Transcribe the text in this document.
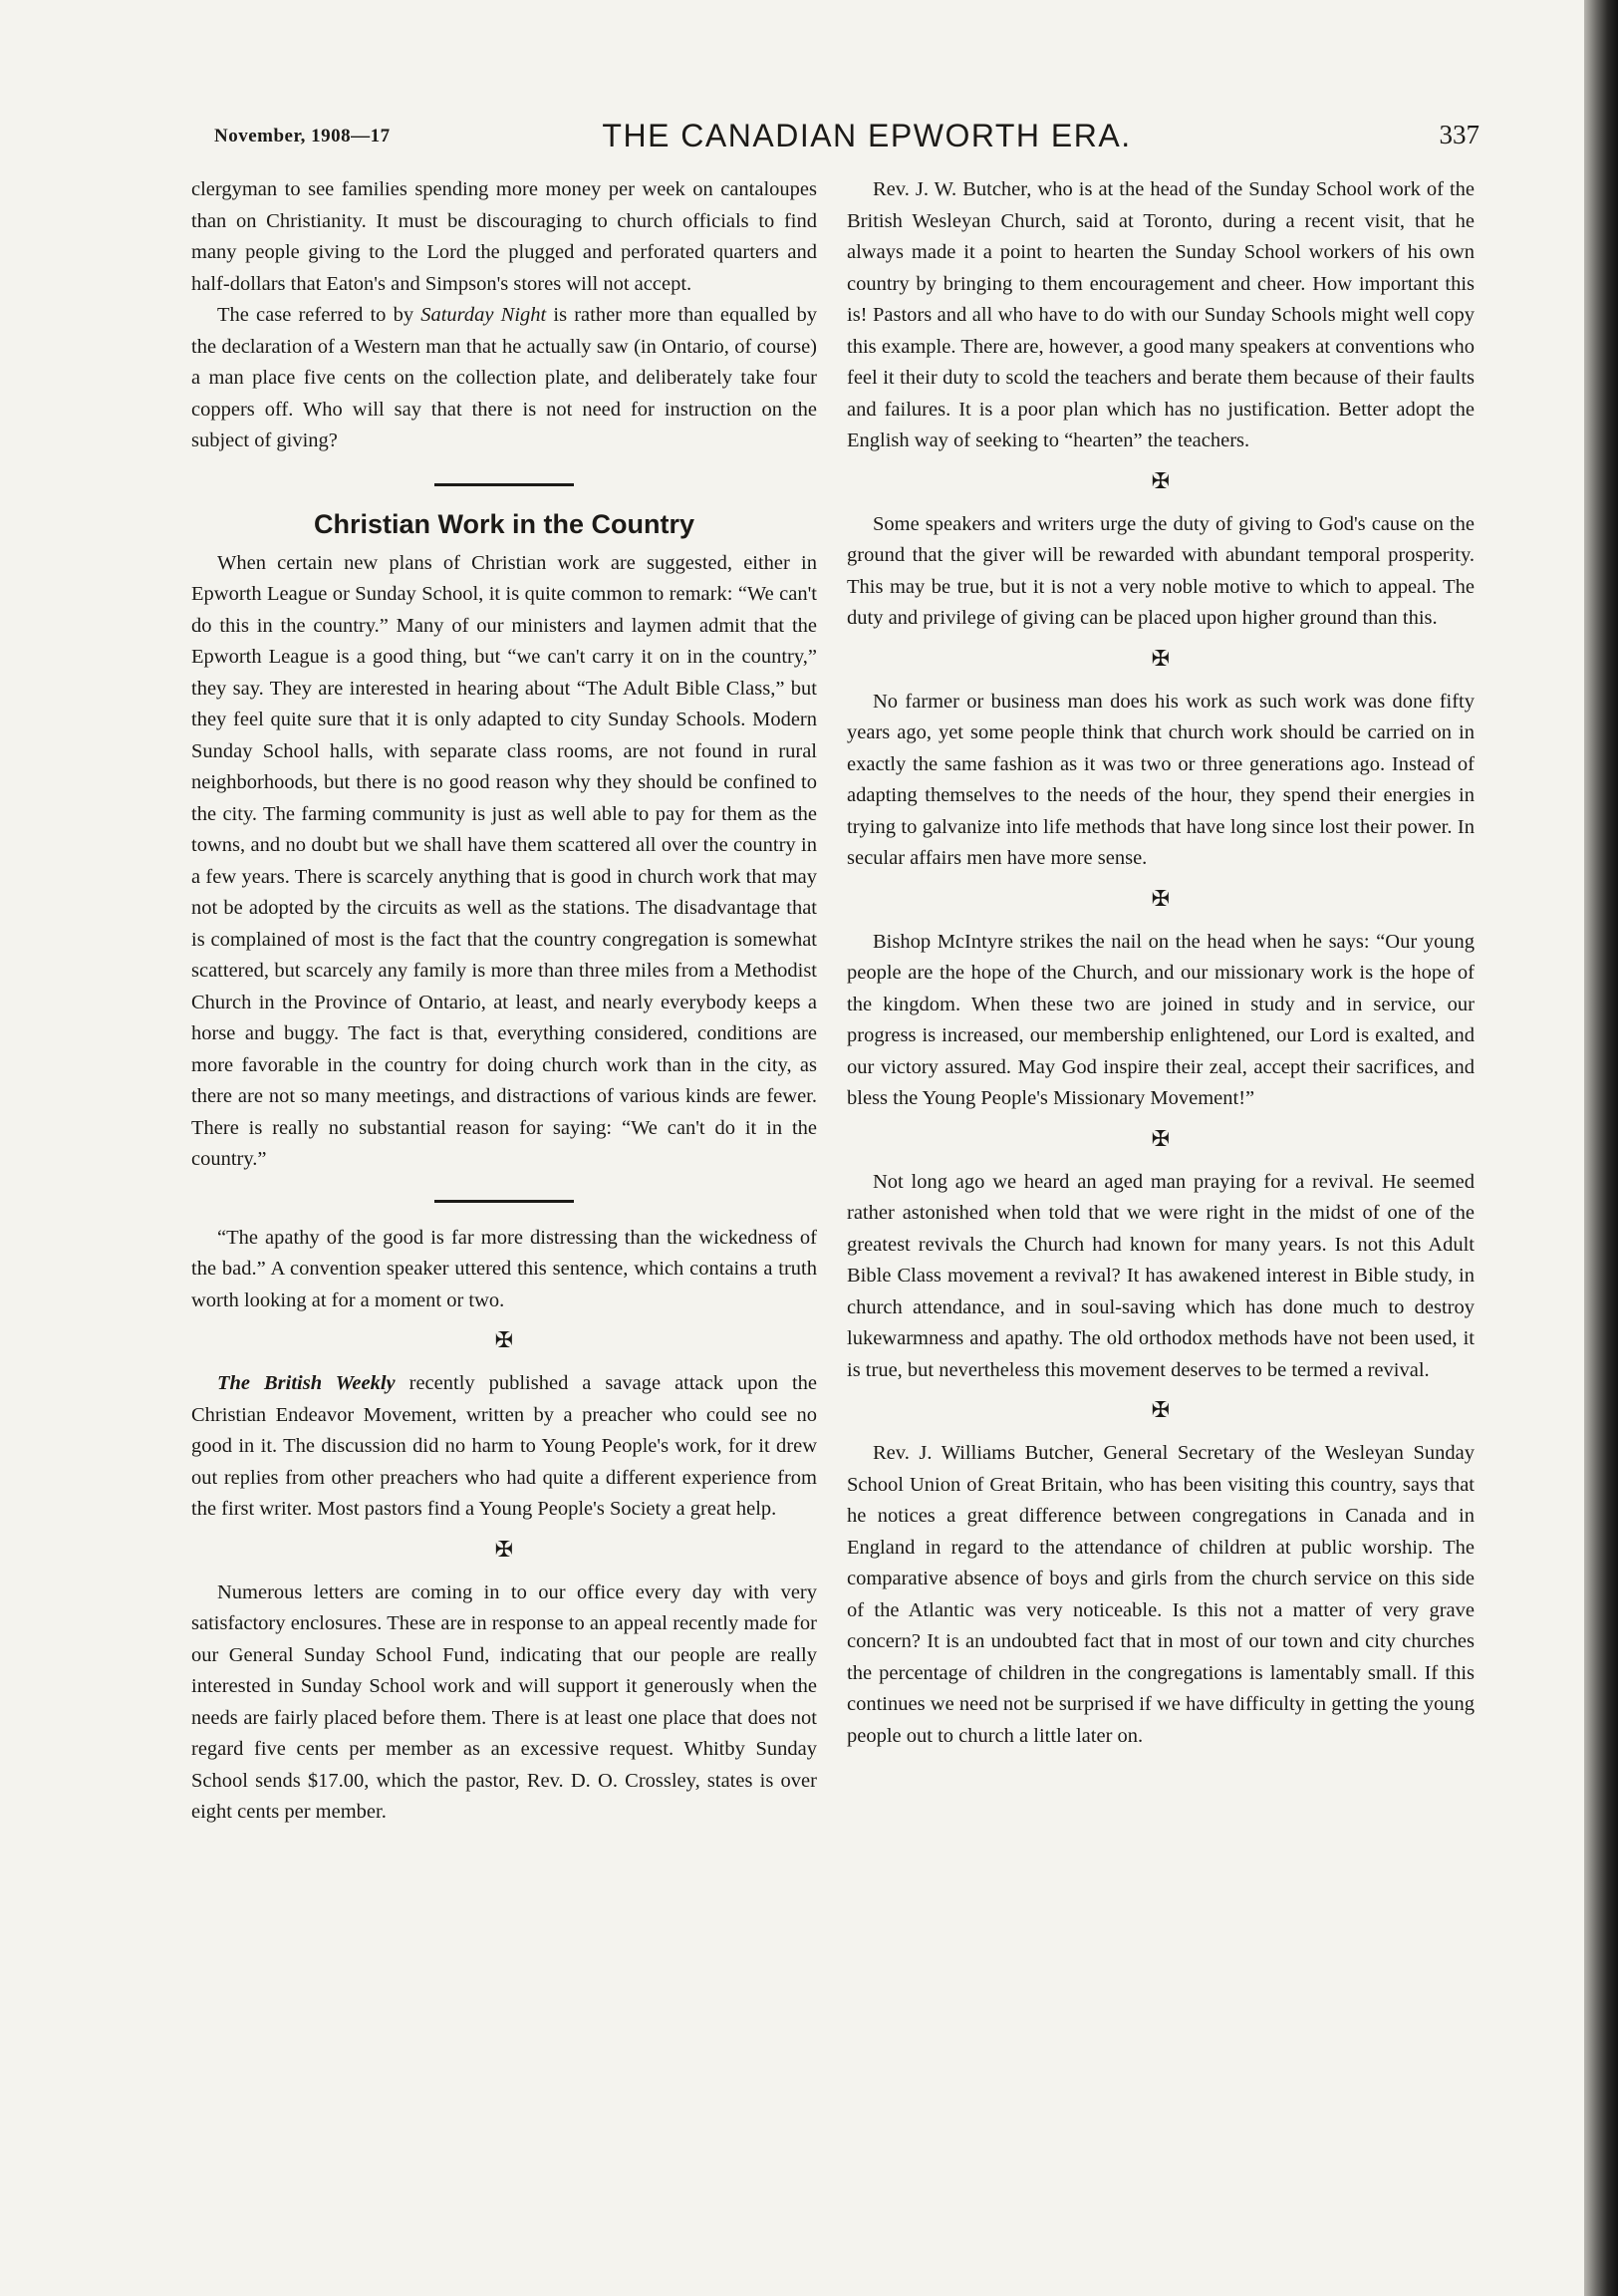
November, 1908—17	THE CANADIAN EPWORTH ERA.	337

clergyman to see families spending more money per week on cantaloupes than on Christianity. It must be discouraging to church officials to find many people giving to the Lord the plugged and perforated quarters and half-dollars that Eaton's and Simpson's stores will not accept.

The case referred to by Saturday Night is rather more than equalled by the declaration of a Western man that he actually saw (in Ontario, of course) a man place five cents on the collection plate, and deliberately take four coppers off. Who will say that there is not need for instruction on the subject of giving?

Christian Work in the Country

When certain new plans of Christian work are suggested, either in Epworth League or Sunday School, it is quite common to remark: “We can't do this in the country.” Many of our ministers and laymen admit that the Epworth League is a good thing, but “we can't carry it on in the country,” they say. They are interested in hearing about “The Adult Bible Class,” but they feel quite sure that it is only adapted to city Sunday Schools. Modern Sunday School halls, with separate class rooms, are not found in rural neighborhoods, but there is no good reason why they should be confined to the city. The farming community is just as well able to pay for them as the towns, and no doubt but we shall have them scattered all over the country in a few years. There is scarcely anything that is good in church work that may not be adopted by the circuits as well as the stations. The disadvantage that is complained of most is the fact that the country congregation is somewhat scattered, but scarcely any family is more than three miles from a Methodist Church in the Province of Ontario, at least, and nearly everybody keeps a horse and buggy. The fact is that, everything considered, conditions are more favorable in the country for doing church work than in the city, as there are not so many meetings, and distractions of various kinds are fewer. There is really no substantial reason for saying: “We can't do it in the country.”

“The apathy of the good is far more distressing than the wickedness of the bad.” A convention speaker uttered this sentence, which contains a truth worth looking at for a moment or two.

✠

The British Weekly recently published a savage attack upon the Christian Endeavor Movement, written by a preacher who could see no good in it. The discussion did no harm to Young People's work, for it drew out replies from other preachers who had quite a different experience from the first writer. Most pastors find a Young People's Society a great help.

✠

Numerous letters are coming in to our office every day with very satisfactory enclosures. These are in response to an appeal recently made for our General Sunday School Fund, indicating that our people are really interested in Sunday School work and will support it generously when the needs are fairly placed before them. There is at least one place that does not regard five cents per member as an excessive request. Whitby Sunday School sends $17.00, which the pastor, Rev. D. O. Crossley, states is over eight cents per member.

Rev. J. W. Butcher, who is at the head of the Sunday School work of the British Wesleyan Church, said at Toronto, during a recent visit, that he always made it a point to hearten the Sunday School workers of his own country by bringing to them encouragement and cheer. How important this is! Pastors and all who have to do with our Sunday Schools might well copy this example. There are, however, a good many speakers at conventions who feel it their duty to scold the teachers and berate them because of their faults and failures. It is a poor plan which has no justification. Better adopt the English way of seeking to “hearten” the teachers.

✠

Some speakers and writers urge the duty of giving to God's cause on the ground that the giver will be rewarded with abundant temporal prosperity. This may be true, but it is not a very noble motive to which to appeal. The duty and privilege of giving can be placed upon higher ground than this.

✠

No farmer or business man does his work as such work was done fifty years ago, yet some people think that church work should be carried on in exactly the same fashion as it was two or three generations ago. Instead of adapting themselves to the needs of the hour, they spend their energies in trying to galvanize into life methods that have long since lost their power. In secular affairs men have more sense.

✠

Bishop McIntyre strikes the nail on the head when he says: “Our young people are the hope of the Church, and our missionary work is the hope of the kingdom. When these two are joined in study and in service, our progress is increased, our membership enlightened, our Lord is exalted, and our victory assured. May God inspire their zeal, accept their sacrifices, and bless the Young People's Missionary Movement!”

✠

Not long ago we heard an aged man praying for a revival. He seemed rather astonished when told that we were right in the midst of one of the greatest revivals the Church had known for many years. Is not this Adult Bible Class movement a revival? It has awakened interest in Bible study, in church attendance, and in soul-saving which has done much to destroy lukewarmness and apathy. The old orthodox methods have not been used, it is true, but nevertheless this movement deserves to be termed a revival.

✠

Rev. J. Williams Butcher, General Secretary of the Wesleyan Sunday School Union of Great Britain, who has been visiting this country, says that he notices a great difference between congregations in Canada and in England in regard to the attendance of children at public worship. The comparative absence of boys and girls from the church service on this side of the Atlantic was very noticeable. Is this not a matter of very grave concern? It is an undoubted fact that in most of our town and city churches the percentage of children in the congregations is lamentably small. If this continues we need not be surprised if we have difficulty in getting the young people out to church a little later on.
